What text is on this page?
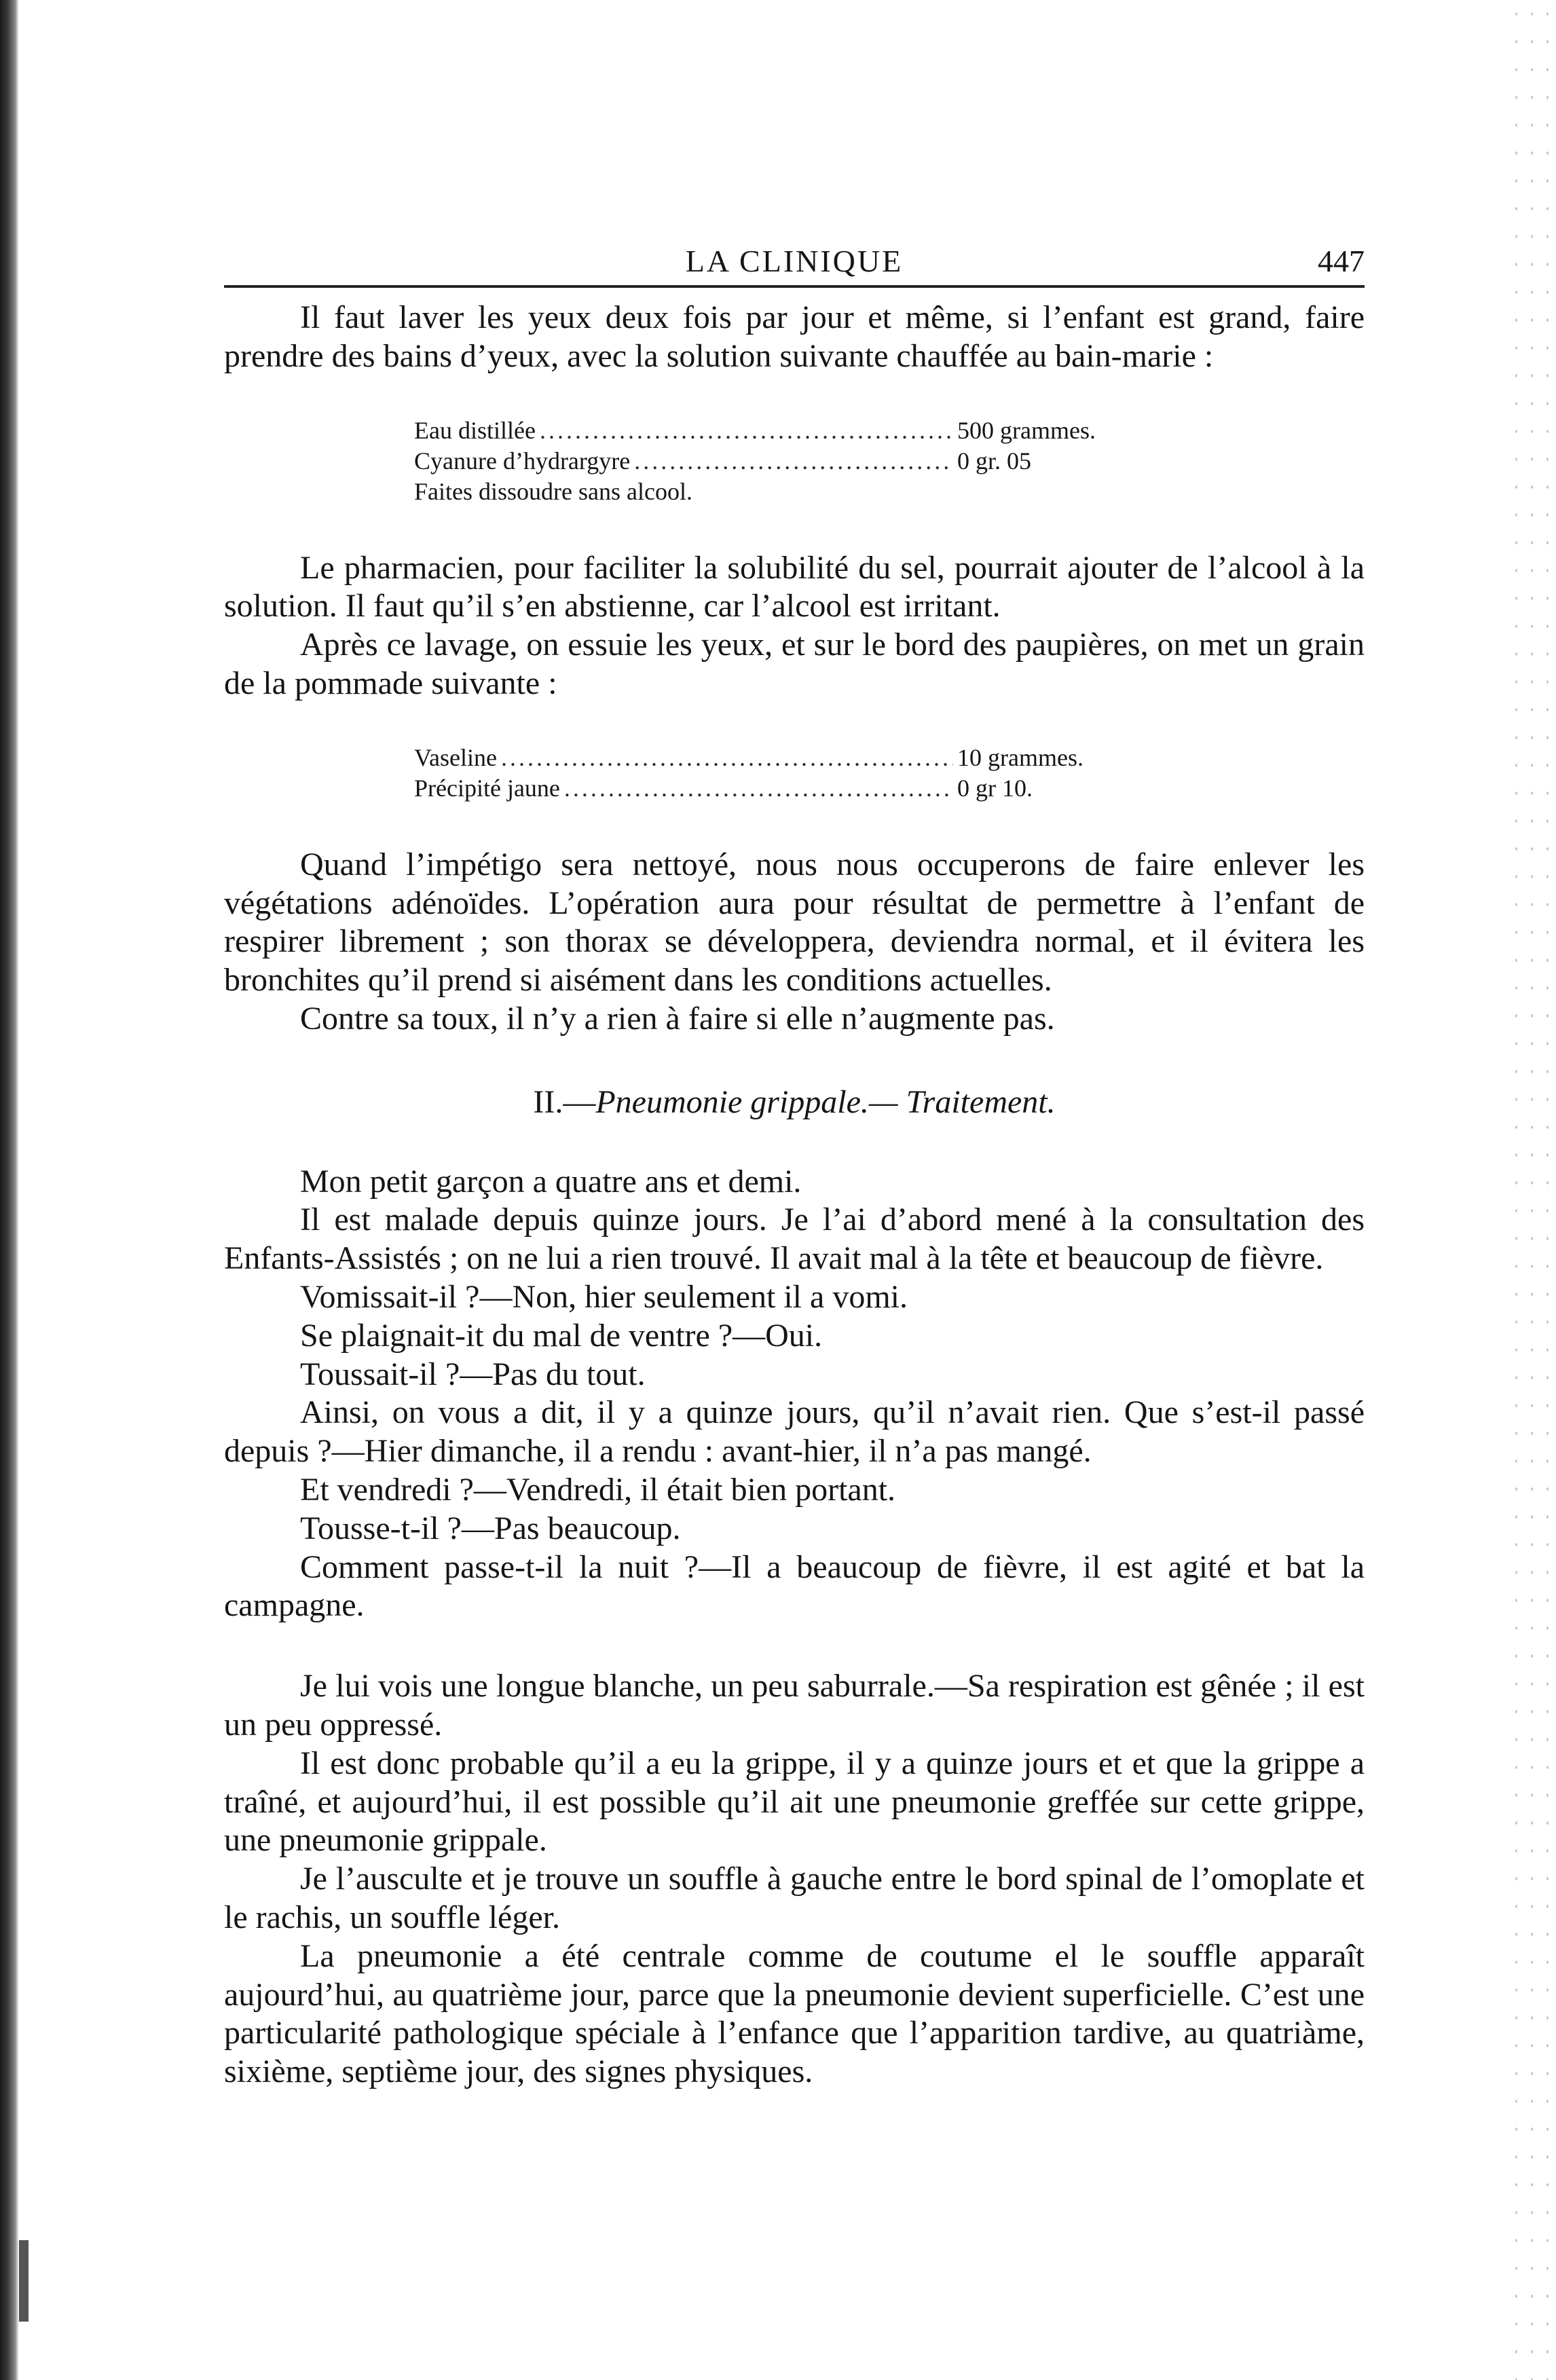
LA CLINIQUE	447

Il faut laver les yeux deux fois par jour et même, si l’enfant est grand, faire prendre des bains d’yeux, avec la solution suivante chauffée au bain-marie :

Eau distillée .....	500 grammes.
Cyanure d’hydrargyre .....	0 gr. 05
Faites dissoudre sans alcool.

Le pharmacien, pour faciliter la solubilité du sel, pourrait ajouter de l’alcool à la solution. Il faut qu’il s’en abstienne, car l’alcool est irritant.

Après ce lavage, on essuie les yeux, et sur le bord des paupières, on met un grain de la pommade suivante :

Vaseline .....	10 grammes.
Précipité jaune .....	0 gr 10.

Quand l’impétigo sera nettoyé, nous nous occuperons de faire enlever les végétations adénoïdes. L’opération aura pour résultat de permettre à l’enfant de respirer librement ; son thorax se développera, deviendra normal, et il évitera les bronchites qu’il prend si aisément dans les conditions actuelles.

Contre sa toux, il n’y a rien à faire si elle n’augmente pas.

II.—Pneumonie grippale.— Traitement.

Mon petit garçon a quatre ans et demi.

Il est malade depuis quinze jours. Je l’ai d’abord mené à la consultation des Enfants-Assistés ; on ne lui a rien trouvé. Il avait mal à la tête et beaucoup de fièvre.

Vomissait-il ?—Non, hier seulement il a vomi.

Se plaignait-it du mal de ventre ?—Oui.

Toussait-il ?—Pas du tout.

Ainsi, on vous a dit, il y a quinze jours, qu’il n’avait rien. Que s’est-il passé depuis ?—Hier dimanche, il a rendu : avant-hier, il n’a pas mangé.

Et vendredi ?—Vendredi, il était bien portant.

Tousse-t-il ?—Pas beaucoup.

Comment passe-t-il la nuit ?—Il a beaucoup de fièvre, il est agité et bat la campagne.

Je lui vois une longue blanche, un peu saburrale.—Sa respiration est gênée ; il est un peu oppressé.

Il est donc probable qu’il a eu la grippe, il y a quinze jours et et que la grippe a traîné, et aujourd’hui, il est possible qu’il ait une pneumonie greffée sur cette grippe, une pneumonie grippale.

Je l’ausculte et je trouve un souffle à gauche entre le bord spinal de l’omoplate et le rachis, un souffle léger.

La pneumonie a été centrale comme de coutume el le souffle apparaît aujourd’hui, au quatrième jour, parce que la pneumonie devient superficielle. C’est une particularité pathologique spéciale à l’enfance que l’apparition tardive, au quatriàme, sixième, septième jour, des signes physiques.
